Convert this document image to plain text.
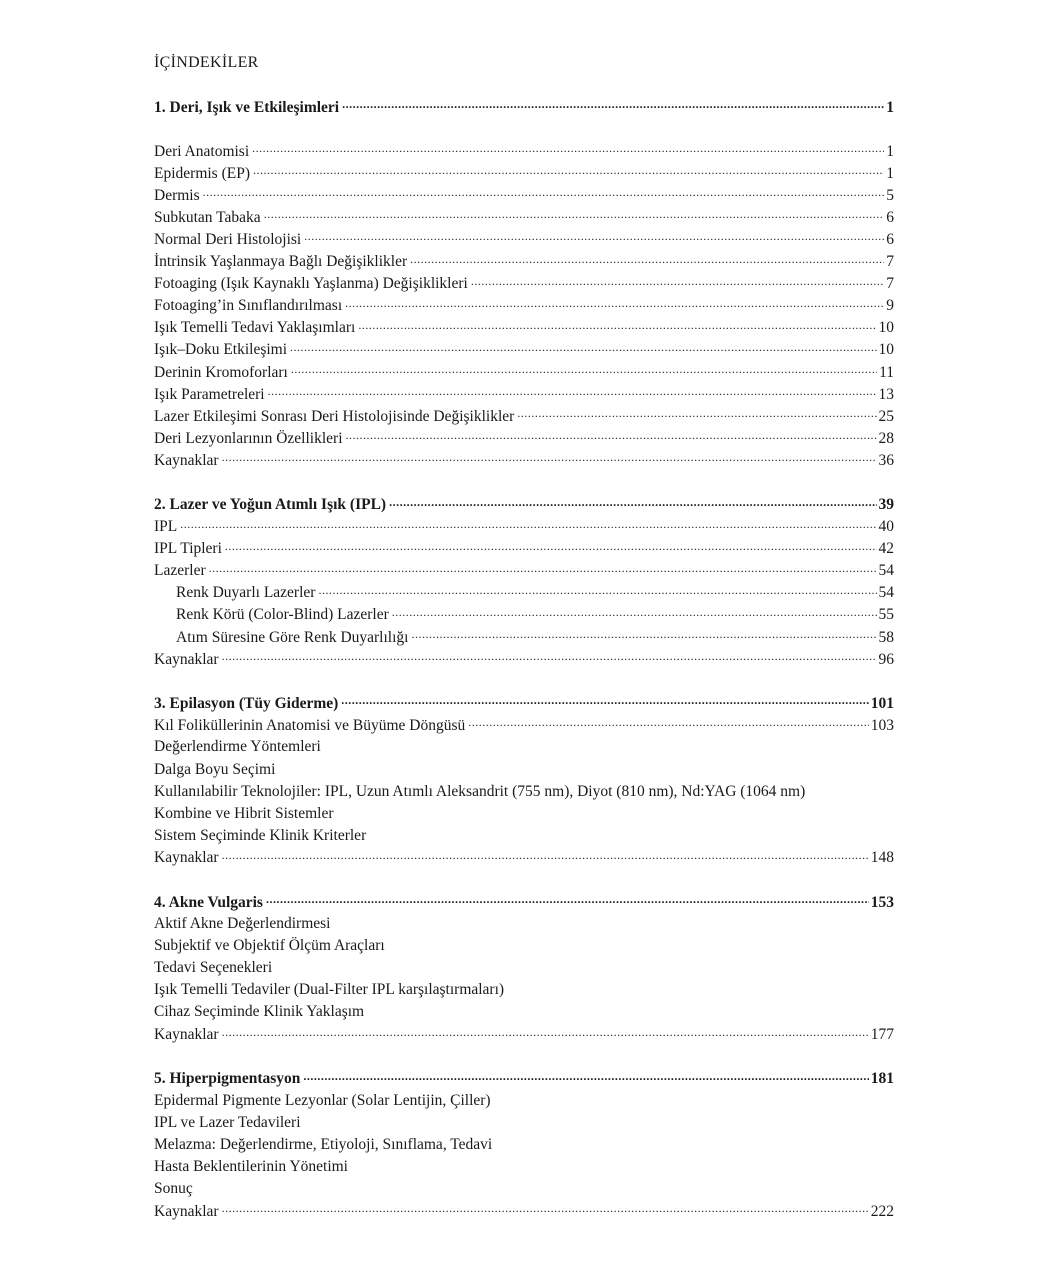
İÇİNDEKİLER
1. Deri, Işık ve Etkileşimleri .....	1
Deri Anatomisi .....	1
Epidermis (EP) .....	1
Dermis .....	5
Subkutan Tabaka .....	6
Normal Deri Histolojisi .....	6
İntrinsik Yaşlanmaya Bağlı Değişiklikler .....	7
Fotoaging (Işık Kaynaklı Yaşlanma) Değişiklikleri .....	7
Fotoaging’in Sınıflandırılması .....	9
Işık Temelli Tedavi Yaklaşımları .....	10
Işık–Doku Etkileşimi .....	10
Derinin Kromoforları .....	11
Işık Parametreleri .....	13
Lazer Etkileşimi Sonrası Deri Histolojisinde Değişiklikler .....	25
Deri Lezyonlarının Özellikleri .....	28
Kaynaklar .....	36
2. Lazer ve Yoğun Atımlı Işık (IPL) .....	39
IPL .....	40
IPL Tipleri .....	42
Lazerler .....	54
Renk Duyarlı Lazerler .....	54
Renk Körü (Color-Blind) Lazerler .....	55
Atım Süresine Göre Renk Duyarlılığı .....	58
Kaynaklar .....	96
3. Epilasyon (Tüy Giderme) .....	101
Kıl Foliküllerinin Anatomisi ve Büyüme Döngüsü .....	103
Değerlendirme Yöntemleri
Dalga Boyu Seçimi
Kullanılabilir Teknolojiler: IPL, Uzun Atımlı Aleksandrit (755 nm), Diyot (810 nm), Nd:YAG (1064 nm)
Kombine ve Hibrit Sistemler
Sistem Seçiminde Klinik Kriterler
Kaynaklar .....	148
4. Akne Vulgaris .....	153
Aktif Akne Değerlendirmesi
Subjektif ve Objektif Ölçüm Araçları
Tedavi Seçenekleri
Işık Temelli Tedaviler (Dual-Filter IPL karşılaştırmaları)
Cihaz Seçiminde Klinik Yaklaşım
Kaynaklar .....	177
5. Hiperpigmentasyon .....	181
Epidermal Pigmente Lezyonlar (Solar Lentijin, Çiller)
IPL ve Lazer Tedavileri
Melazma: Değerlendirme, Etiyoloji, Sınıflama, Tedavi
Hasta Beklentilerinin Yönetimi
Sonuç
Kaynaklar .....	222
